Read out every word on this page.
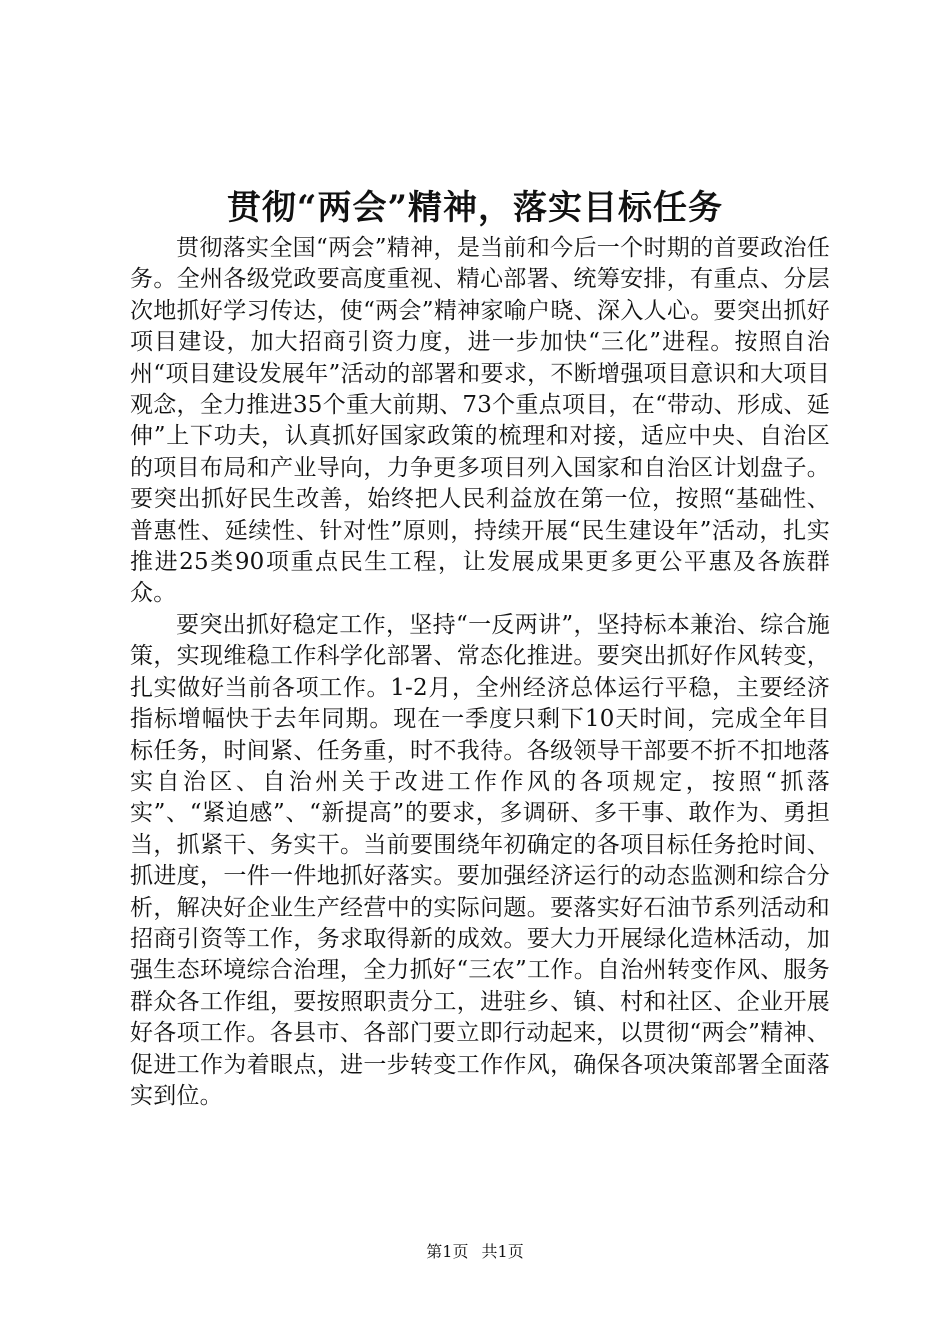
贯彻“两会”精神，落实目标任务

贯彻落实全国“两会”精神，是当前和今后一个时期的首要政治任务。全州各级党政要高度重视、精心部署、统筹安排，有重点、分层次地抓好学习传达，使“两会”精神家喻户晓、深入人心。要突出抓好项目建设，加大招商引资力度，进一步加快“三化”进程。按照自治州“项目建设发展年”活动的部署和要求，不断增强项目意识和大项目观念，全力推进35个重大前期、73个重点项目，在“带动、形成、延伸”上下功夫，认真抓好国家政策的梳理和对接，适应中央、自治区的项目布局和产业导向，力争更多项目列入国家和自治区计划盘子。要突出抓好民生改善，始终把人民利益放在第一位，按照“基础性、普惠性、延续性、针对性”原则，持续开展“民生建设年”活动，扎实推进25类90项重点民生工程，让发展成果更多更公平惠及各族群众。

要突出抓好稳定工作，坚持“一反两讲”，坚持标本兼治、综合施策，实现维稳工作科学化部署、常态化推进。要突出抓好作风转变，扎实做好当前各项工作。1-2月，全州经济总体运行平稳，主要经济指标增幅快于去年同期。现在一季度只剩下10天时间，完成全年目标任务，时间紧、任务重，时不我待。各级领导干部要不折不扣地落实自治区、自治州关于改进工作作风的各项规定，按照“抓落实”、“紧迫感”、“新提高”的要求，多调研、多干事、敢作为、勇担当，抓紧干、务实干。当前要围绕年初确定的各项目标任务抢时间、抓进度，一件一件地抓好落实。要加强经济运行的动态监测和综合分析，解决好企业生产经营中的实际问题。要落实好石油节系列活动和招商引资等工作，务求取得新的成效。要大力开展绿化造林活动，加强生态环境综合治理，全力抓好“三农”工作。自治州转变作风、服务群众各工作组，要按照职责分工，进驻乡、镇、村和社区、企业开展好各项工作。各县市、各部门要立即行动起来，以贯彻“两会”精神、促进工作为着眼点，进一步转变工作作风，确保各项决策部署全面落实到位。

第1页 共1页
